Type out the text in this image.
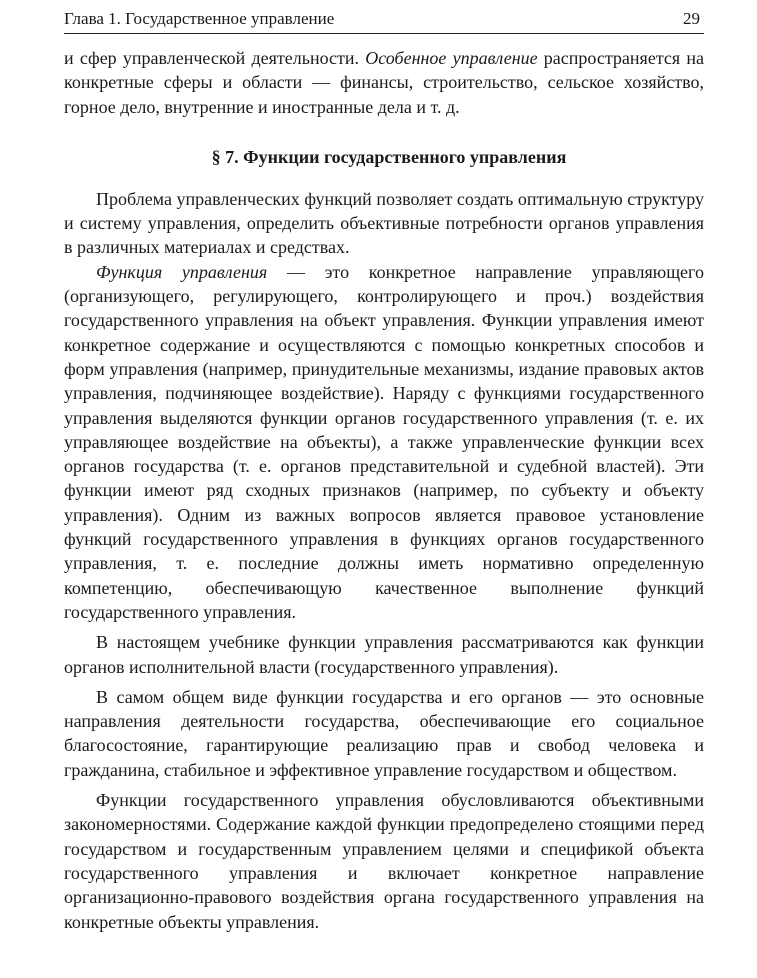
Глава 1. Государственное управление	29

и сфер управленческой деятельности. Особенное управление распространяется на конкретные сферы и области — финансы, строительство, сельское хозяйство, горное дело, внутренние и иностранные дела и т. д.

§ 7. Функции государственного управления

Проблема управленческих функций позволяет создать оптимальную структуру и систему управления, определить объективные потребности органов управления в различных материалах и средствах.

Функция управления — это конкретное направление управляющего (организующего, регулирующего, контролирующего и проч.) воздействия государственного управления на объект управления. Функции управления имеют конкретное содержание и осуществляются с помощью конкретных способов и форм управления (например, принудительные механизмы, издание правовых актов управления, подчиняющее воздействие). Наряду с функциями государственного управления выделяются функции органов государственного управления (т. е. их управляющее воздействие на объекты), а также управленческие функции всех органов государства (т. е. органов представительной и судебной властей). Эти функции имеют ряд сходных признаков (например, по субъекту и объекту управления). Одним из важных вопросов является правовое установление функций государственного управления в функциях органов государственного управления, т. е. последние должны иметь нормативно определенную компетенцию, обеспечивающую качественное выполнение функций государственного управления.

В настоящем учебнике функции управления рассматриваются как функции органов исполнительной власти (государственного управления).

В самом общем виде функции государства и его органов — это основные направления деятельности государства, обеспечивающие его социальное благосостояние, гарантирующие реализацию прав и свобод человека и гражданина, стабильное и эффективное управление государством и обществом.

Функции государственного управления обусловливаются объективными закономерностями. Содержание каждой функции предопределено стоящими перед государством и государственным управлением целями и спецификой объекта государственного управления и включает конкретное направление организационно-правового воздействия органа государственного управления на конкретные объекты управления.
